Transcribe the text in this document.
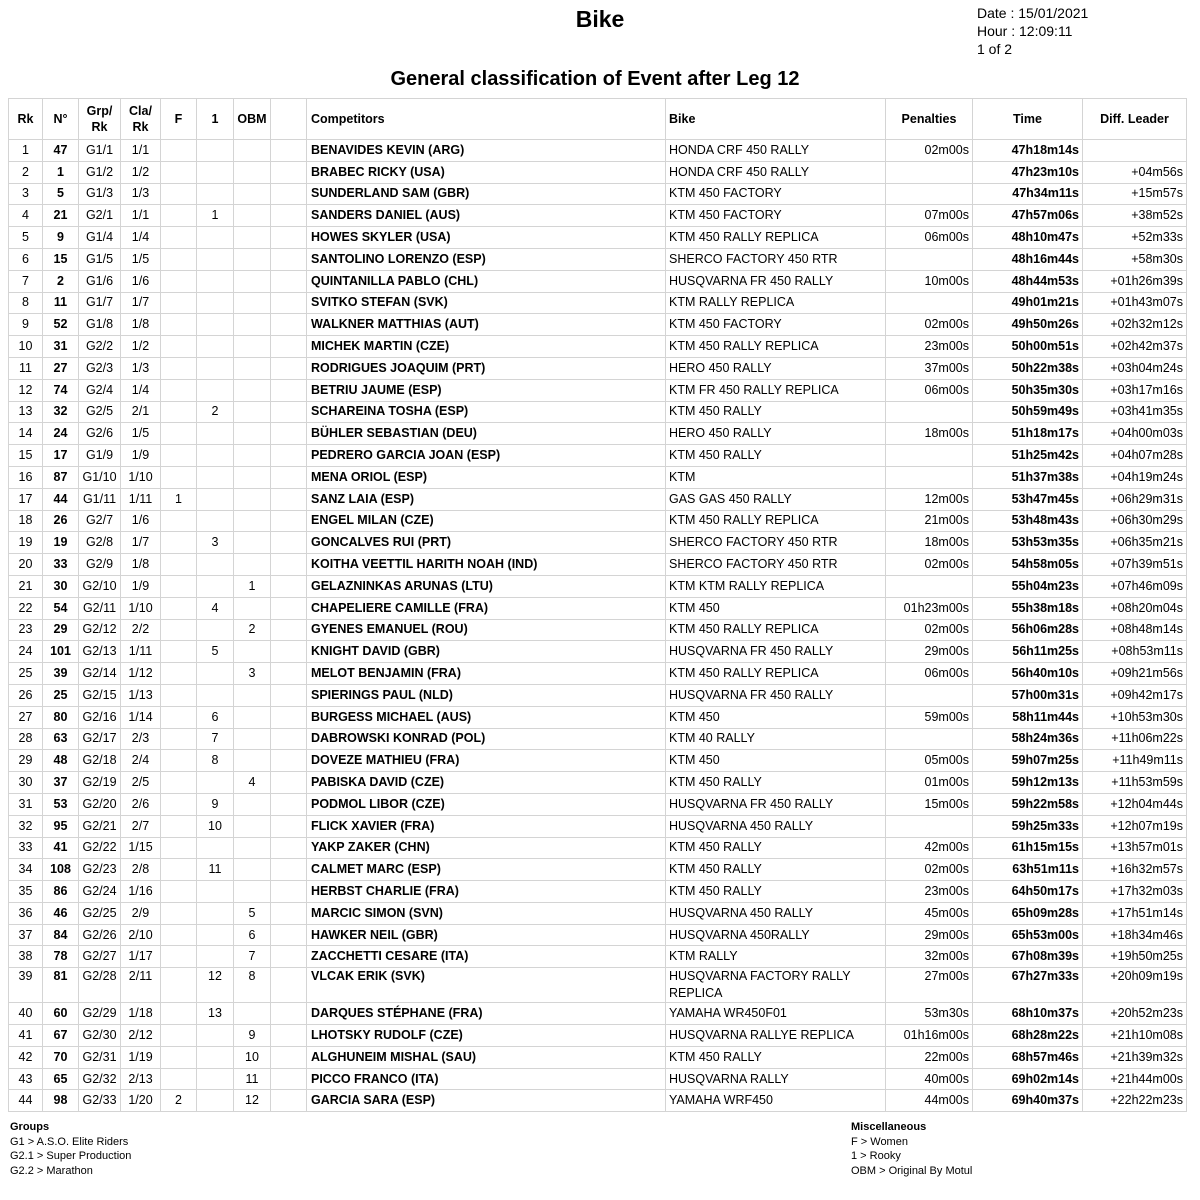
Bike	Date : 15/01/2021
Hour : 12:09:11
1 of 2
General classification of Event after Leg 12
Rk	N°	Grp/ Rk	Cla/ Rk	F	1	OBM		Competitors	Bike	Penalties	Time	Diff. Leader
1	47	G1/1	1/1					BENAVIDES KEVIN (ARG)	HONDA CRF 450 RALLY	02m00s	47h18m14s	
2	1	G1/2	1/2					BRABEC RICKY (USA)	HONDA CRF 450 RALLY		47h23m10s	+04m56s
3	5	G1/3	1/3					SUNDERLAND SAM (GBR)	KTM 450 FACTORY		47h34m11s	+15m57s
4	21	G2/1	1/1		1			SANDERS DANIEL (AUS)	KTM 450 FACTORY	07m00s	47h57m06s	+38m52s
5	9	G1/4	1/4					HOWES SKYLER (USA)	KTM 450 RALLY REPLICA	06m00s	48h10m47s	+52m33s
6	15	G1/5	1/5					SANTOLINO LORENZO (ESP)	SHERCO FACTORY 450 RTR		48h16m44s	+58m30s
7	2	G1/6	1/6					QUINTANILLA PABLO (CHL)	HUSQVARNA FR 450 RALLY	10m00s	48h44m53s	+01h26m39s
8	11	G1/7	1/7					SVITKO STEFAN (SVK)	KTM RALLY REPLICA		49h01m21s	+01h43m07s
9	52	G1/8	1/8					WALKNER MATTHIAS (AUT)	KTM 450 FACTORY	02m00s	49h50m26s	+02h32m12s
10	31	G2/2	1/2					MICHEK MARTIN (CZE)	KTM 450 RALLY REPLICA	23m00s	50h00m51s	+02h42m37s
11	27	G2/3	1/3					RODRIGUES JOAQUIM (PRT)	HERO 450 RALLY	37m00s	50h22m38s	+03h04m24s
12	74	G2/4	1/4					BETRIU JAUME (ESP)	KTM FR 450 RALLY REPLICA	06m00s	50h35m30s	+03h17m16s
13	32	G2/5	2/1		2			SCHAREINA TOSHA (ESP)	KTM 450 RALLY		50h59m49s	+03h41m35s
14	24	G2/6	1/5					BÜHLER SEBASTIAN (DEU)	HERO 450 RALLY	18m00s	51h18m17s	+04h00m03s
15	17	G1/9	1/9					PEDRERO GARCIA JOAN (ESP)	KTM 450 RALLY		51h25m42s	+04h07m28s
16	87	G1/10	1/10					MENA ORIOL (ESP)	KTM		51h37m38s	+04h19m24s
17	44	G1/11	1/11	1				SANZ LAIA (ESP)	GAS GAS 450 RALLY	12m00s	53h47m45s	+06h29m31s
18	26	G2/7	1/6					ENGEL MILAN (CZE)	KTM 450 RALLY REPLICA	21m00s	53h48m43s	+06h30m29s
19	19	G2/8	1/7		3			GONCALVES RUI (PRT)	SHERCO FACTORY 450 RTR	18m00s	53h53m35s	+06h35m21s
20	33	G2/9	1/8					KOITHA VEETTIL HARITH NOAH (IND)	SHERCO FACTORY 450 RTR	02m00s	54h58m05s	+07h39m51s
21	30	G2/10	1/9			1		GELAZNINKAS ARUNAS (LTU)	KTM KTM RALLY REPLICA		55h04m23s	+07h46m09s
22	54	G2/11	1/10		4			CHAPELIERE CAMILLE (FRA)	KTM 450	01h23m00s	55h38m18s	+08h20m04s
23	29	G2/12	2/2			2		GYENES EMANUEL (ROU)	KTM 450 RALLY REPLICA	02m00s	56h06m28s	+08h48m14s
24	101	G2/13	1/11		5			KNIGHT DAVID (GBR)	HUSQVARNA FR 450 RALLY	29m00s	56h11m25s	+08h53m11s
25	39	G2/14	1/12			3		MELOT BENJAMIN (FRA)	KTM 450 RALLY REPLICA	06m00s	56h40m10s	+09h21m56s
26	25	G2/15	1/13					SPIERINGS PAUL (NLD)	HUSQVARNA FR 450 RALLY		57h00m31s	+09h42m17s
27	80	G2/16	1/14		6			BURGESS MICHAEL (AUS)	KTM 450	59m00s	58h11m44s	+10h53m30s
28	63	G2/17	2/3		7			DABROWSKI KONRAD (POL)	KTM 40 RALLY		58h24m36s	+11h06m22s
29	48	G2/18	2/4		8			DOVEZE MATHIEU (FRA)	KTM 450	05m00s	59h07m25s	+11h49m11s
30	37	G2/19	2/5			4		PABISKA DAVID (CZE)	KTM 450 RALLY	01m00s	59h12m13s	+11h53m59s
31	53	G2/20	2/6		9			PODMOL LIBOR (CZE)	HUSQVARNA FR 450 RALLY	15m00s	59h22m58s	+12h04m44s
32	95	G2/21	2/7		10			FLICK XAVIER (FRA)	HUSQVARNA 450 RALLY		59h25m33s	+12h07m19s
33	41	G2/22	1/15					YAKP ZAKER (CHN)	KTM 450 RALLY	42m00s	61h15m15s	+13h57m01s
34	108	G2/23	2/8		11			CALMET MARC (ESP)	KTM 450 RALLY	02m00s	63h51m11s	+16h32m57s
35	86	G2/24	1/16					HERBST CHARLIE (FRA)	KTM 450 RALLY	23m00s	64h50m17s	+17h32m03s
36	46	G2/25	2/9			5		MARCIC SIMON (SVN)	HUSQVARNA 450 RALLY	45m00s	65h09m28s	+17h51m14s
37	84	G2/26	2/10			6		HAWKER NEIL (GBR)	HUSQVARNA 450RALLY	29m00s	65h53m00s	+18h34m46s
38	78	G2/27	1/17			7		ZACCHETTI CESARE (ITA)	KTM RALLY	32m00s	67h08m39s	+19h50m25s
39	81	G2/28	2/11		12	8		VLCAK ERIK (SVK)	HUSQVARNA FACTORY RALLY REPLICA	27m00s	67h27m33s	+20h09m19s
40	60	G2/29	1/18		13			DARQUES STÉPHANE (FRA)	YAMAHA WR450F01	53m30s	68h10m37s	+20h52m23s
41	67	G2/30	2/12			9		LHOTSKY RUDOLF (CZE)	HUSQVARNA RALLYE REPLICA	01h16m00s	68h28m22s	+21h10m08s
42	70	G2/31	1/19			10		ALGHUNEIM MISHAL (SAU)	KTM 450 RALLY	22m00s	68h57m46s	+21h39m32s
43	65	G2/32	2/13			11		PICCO FRANCO (ITA)	HUSQVARNA RALLY	40m00s	69h02m14s	+21h44m00s
44	98	G2/33	1/20	2		12		GARCIA SARA (ESP)	YAMAHA WRF450	44m00s	69h40m37s	+22h22m23s
Groups
G1 > A.S.O. Elite Riders
G2.1 > Super Production
G2.2 > Marathon
Miscellaneous
F > Women
1 > Rooky
OBM > Original By Motul
